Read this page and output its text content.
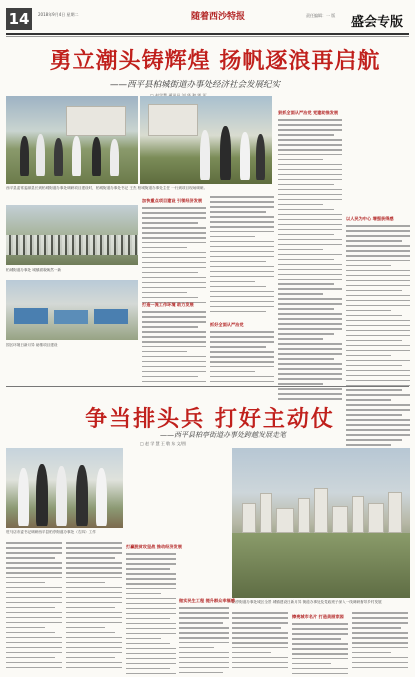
14	2018年9月4日 星期二	随着西沙特报	责任编辑：一 版 盛会专版
勇立潮头铸辉煌 扬帆逐浪再启航
——西平县柏城街道办事处经济社会发展纪实
西平县委常委副县长到柏城街道办事处调研项目建设时，柏城街道办事处书记 王杰 柏城街道办事处主任 一行到项目现场调研。
柏城街道办事处 城镇面貌焕然一新
园区环境日新月异 助推项目建设
加快重点项目建设 引领经济发展
狠抓全面从严治党 党建助推发展
以人民为中心 增强获得感
打造一流工作环境 助力发展
抓好全面从严治党
争当排头兵 打好主动仗
——西平县柏亭街道办事处跨越发展走笔
□ 赵 学 慧 王 敬 东 文/图
柏亭街道办事处城区全景 城镇建设日新月异 街道办事处及党政班子深入一线调研督导乡村发展
驻马店市委书记调研西平县柏亭街道办事处（右四）工作
打赢脱贫攻坚战 推动经济发展
做实民生工程 提升群众幸福感
擦亮城市名片 打造美丽家园
